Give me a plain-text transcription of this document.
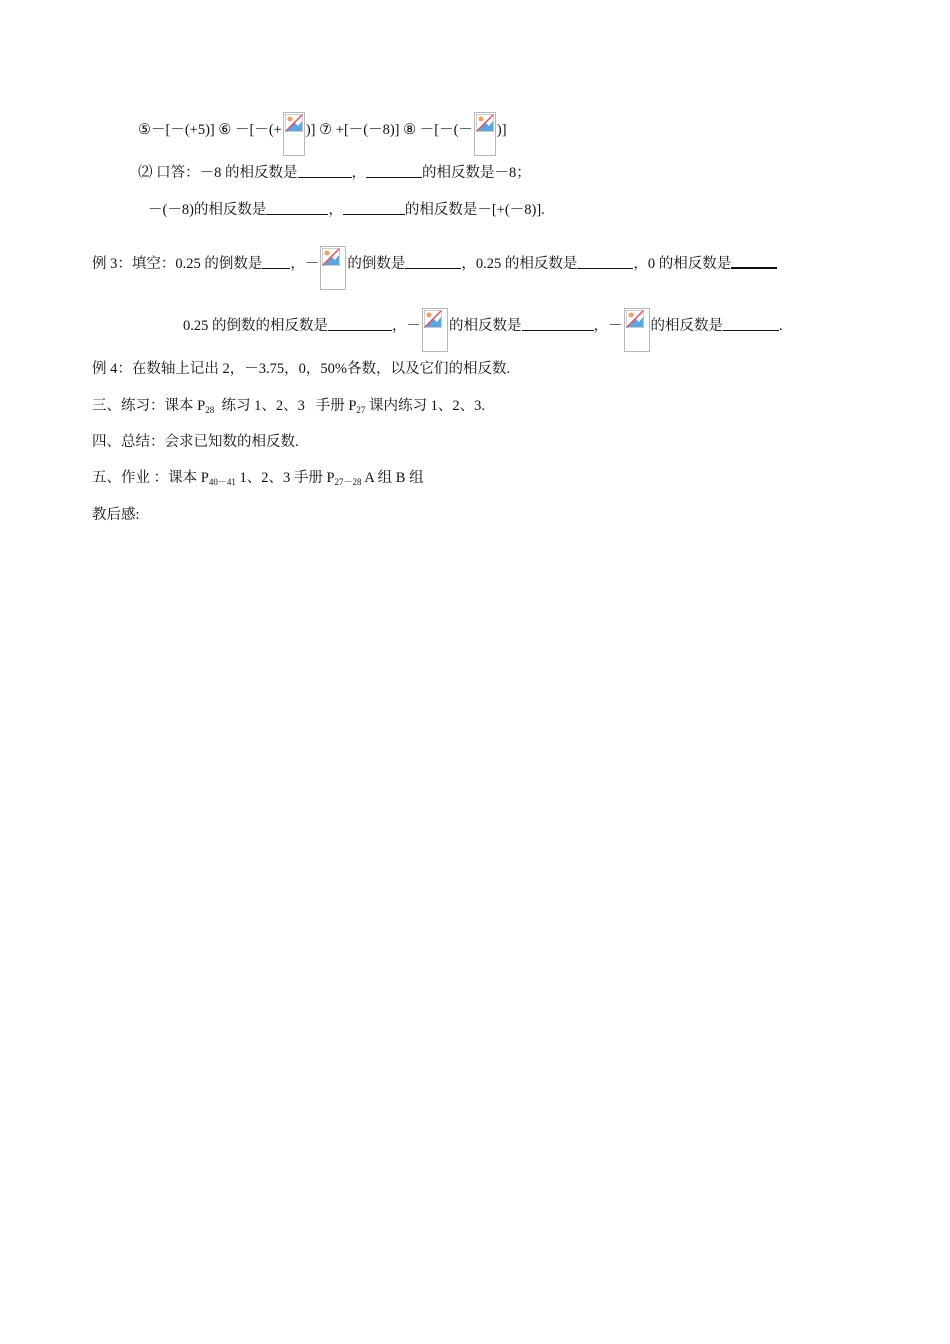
⑤－[－(+5)] ⑥ －[－(+ )] ⑦ +[－(－8)] ⑧ －[－(－ )]
⑵ 口答：－8 的相反数是	，	的相反数是－8；
－(－8)的相反数是	，	的相反数是－[+(－8)].
例 3：填空：0.25 的倒数是 ，－ 的倒数是	，0.25 的相反数是	，0 的相反数是
0.25 的倒数的相反数是	，－ 的相反数是	，－ 的相反数是	.
例 4：在数轴上记出 2，－3.75，0，50%各数，以及它们的相反数.
三、练习：课本 $P_{28}$  练习 1、2、3   手册 $P_{27}$ 课内练习 1、2、3.
四、总结：会求已知数的相反数.
五、作业 ：课本 $P_{40-41}$ 1、2、3 手册 $P_{27-28}$ A 组 B 组
教后感:
